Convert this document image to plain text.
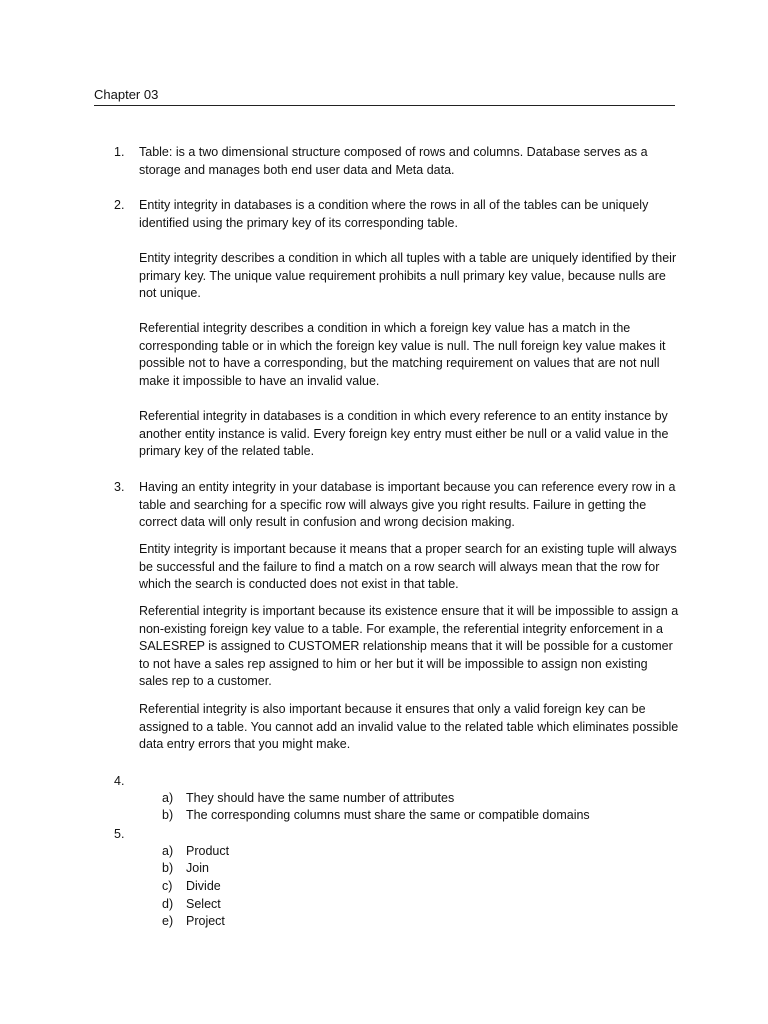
Chapter 03
1. Table: is a two dimensional structure composed of rows and columns. Database serves as a storage and manages both end user data and Meta data.
2. Entity integrity in databases is a condition where the rows in all of the tables can be uniquely identified using the primary key of its corresponding table.
Entity integrity describes a condition in which all tuples with a table are uniquely identified by their primary key. The unique value requirement prohibits a null primary key value, because nulls are not unique.
Referential integrity describes a condition in which a foreign key value has a match in the corresponding table or in which the foreign key value is null. The null foreign key value makes it possible not to have a corresponding, but the matching requirement on values that are not null make it impossible to have an invalid value.
Referential integrity in databases is a condition in which every reference to an entity instance by another entity instance is valid. Every foreign key entry must either be null or a valid value in the primary key of the related table.
3. Having an entity integrity in your database is important because you can reference every row in a table and searching for a specific row will always give you right results. Failure in getting the correct data will only result in confusion and wrong decision making.
Entity integrity is important because it means that a proper search for an existing tuple will always be successful and the failure to find a match on a row search will always mean that the row for which the search is conducted does not exist in that table.
Referential integrity is important because its existence ensure that it will be impossible to assign a non-existing foreign key value to a table. For example, the referential integrity enforcement in a SALESREP is assigned to CUSTOMER relationship means that it will be possible for a customer to not have a sales rep assigned to him or her but it will be impossible to assign non existing sales rep to a customer.
Referential integrity is also important because it ensures that only a valid foreign key can be assigned to a table. You cannot add an invalid value to the related table which eliminates possible data entry errors that you might make.
4.
a) They should have the same number of attributes
b) The corresponding columns must share the same or compatible domains
5.
a) Product
b) Join
c) Divide
d) Select
e) Project
